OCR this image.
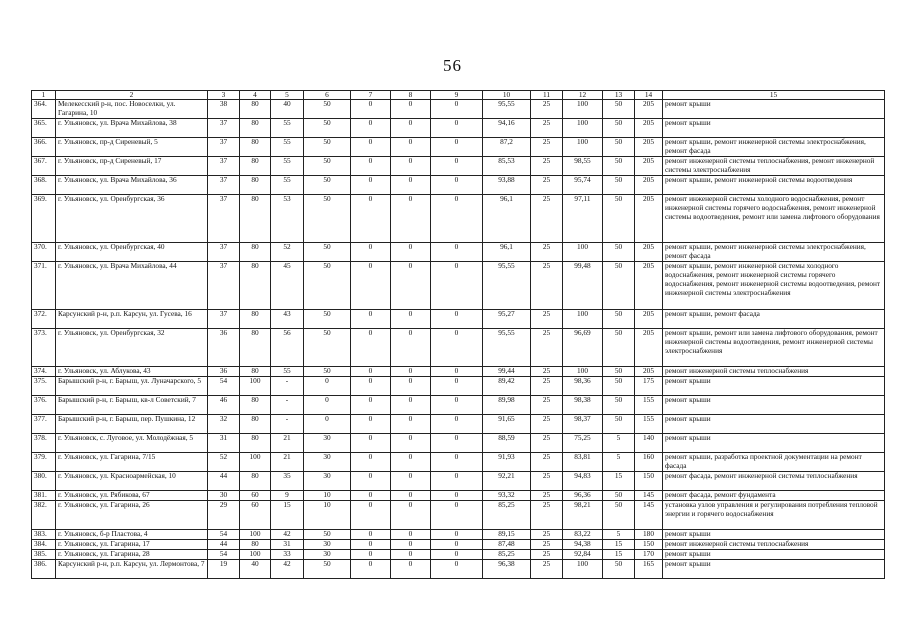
56
1	2	3	4	5	6	7	8	9	10	11	12	13	14	15
364.	Мелекесский р-н, пос. Новоселки, ул. Гагарина, 10	38	80	40	50	0	0	0	95,55	25	100	50	205	ремонт крыши
365.	г. Ульяновск, ул. Врача Михайлова, 38	37	80	55	50	0	0	0	94,16	25	100	50	205	ремонт крыши
366.	г. Ульяновск, пр-д Сиреневый, 5	37	80	55	50	0	0	0	87,2	25	100	50	205	ремонт крыши, ремонт инженерной системы электроснабжения, ремонт фасада
367.	г. Ульяновск, пр-д Сиреневый, 17	37	80	55	50	0	0	0	85,53	25	98,55	50	205	ремонт инженерной системы теплоснабжения, ремонт инженерной системы электроснабжения
368.	г. Ульяновск, ул. Врача Михайлова, 36	37	80	55	50	0	0	0	93,88	25	95,74	50	205	ремонт крыши, ремонт инженерной системы водоотведения
369.	г. Ульяновск, ул. Оренбургская, 36	37	80	53	50	0	0	0	96,1	25	97,11	50	205	ремонт инженерной системы холодного водоснабжения, ремонт инженерной системы горячего водоснабжения, ремонт инженерной системы водоотведения, ремонт или замена лифтового оборудования
370.	г. Ульяновск, ул. Оренбургская, 40	37	80	52	50	0	0	0	96,1	25	100	50	205	ремонт крыши, ремонт инженерной системы электроснабжения, ремонт фасада
371.	г. Ульяновск, ул. Врача Михайлова, 44	37	80	45	50	0	0	0	95,55	25	99,48	50	205	ремонт крыши, ремонт инженерной системы холодного водоснабжения, ремонт инженерной системы горячего водоснабжения, ремонт инженерной системы водоотведения, ремонт инженерной системы электроснабжения
372.	Карсунский р-н, р.п. Карсун, ул. Гусева, 16	37	80	43	50	0	0	0	95,27	25	100	50	205	ремонт крыши, ремонт фасада
373.	г. Ульяновск, ул. Оренбургская, 32	36	80	56	50	0	0	0	95,55	25	96,69	50	205	ремонт крыши, ремонт или замена лифтового оборудования, ремонт инженерной системы водоотведения, ремонт инженерной системы электроснабжения
374.	г. Ульяновск, ул. Аблукова, 43	36	80	55	50	0	0	0	99,44	25	100	50	205	ремонт инженерной системы теплоснабжения
375.	Барышский р-н, г. Барыш, ул. Луначарского, 5	54	100	-	0	0	0	0	89,42	25	98,36	50	175	ремонт крыши
376.	Барышский р-н, г. Барыш, кв-л Советский, 7	46	80	-	0	0	0	0	89,98	25	98,38	50	155	ремонт крыши
377.	Барышский р-н, г. Барыш, пер. Пушкина, 12	32	80	-	0	0	0	0	91,65	25	98,37	50	155	ремонт крыши
378.	г. Ульяновск, с. Луговое, ул. Молодёжная, 5	31	80	21	30	0	0	0	88,59	25	75,25	5	140	ремонт крыши
379.	г. Ульяновск, ул. Гагарина, 7/15	52	100	21	30	0	0	0	91,93	25	83,81	5	160	ремонт крыши, разработка проектной документации на ремонт фасада
380.	г. Ульяновск, ул. Красноармейская, 10	44	80	35	30	0	0	0	92,21	25	94,83	15	150	ремонт фасада, ремонт инженерной системы теплоснабжения
381.	г. Ульяновск, ул. Рябикова, 67	30	60	9	10	0	0	0	93,32	25	96,36	50	145	ремонт фасада, ремонт фундамента
382.	г. Ульяновск, ул. Гагарина, 26	29	60	15	10	0	0	0	85,25	25	98,21	50	145	установка узлов управления и регулирования потребления тепловой энергии и горячего водоснабжения
383.	г. Ульяновск, б-р Пластова, 4	54	100	42	50	0	0	0	89,15	25	83,22	5	180	ремонт крыши
384.	г. Ульяновск, ул. Гагарина, 17	44	80	31	30	0	0	0	87,48	25	94,38	15	150	ремонт инженерной системы теплоснабжения
385.	г. Ульяновск, ул. Гагарина, 28	54	100	33	30	0	0	0	85,25	25	92,84	15	170	ремонт крыши
386.	Карсунский р-н, р.п. Карсун, ул. Лермонтова, 7	19	40	42	50	0	0	0	96,38	25	100	50	165	ремонт крыши
